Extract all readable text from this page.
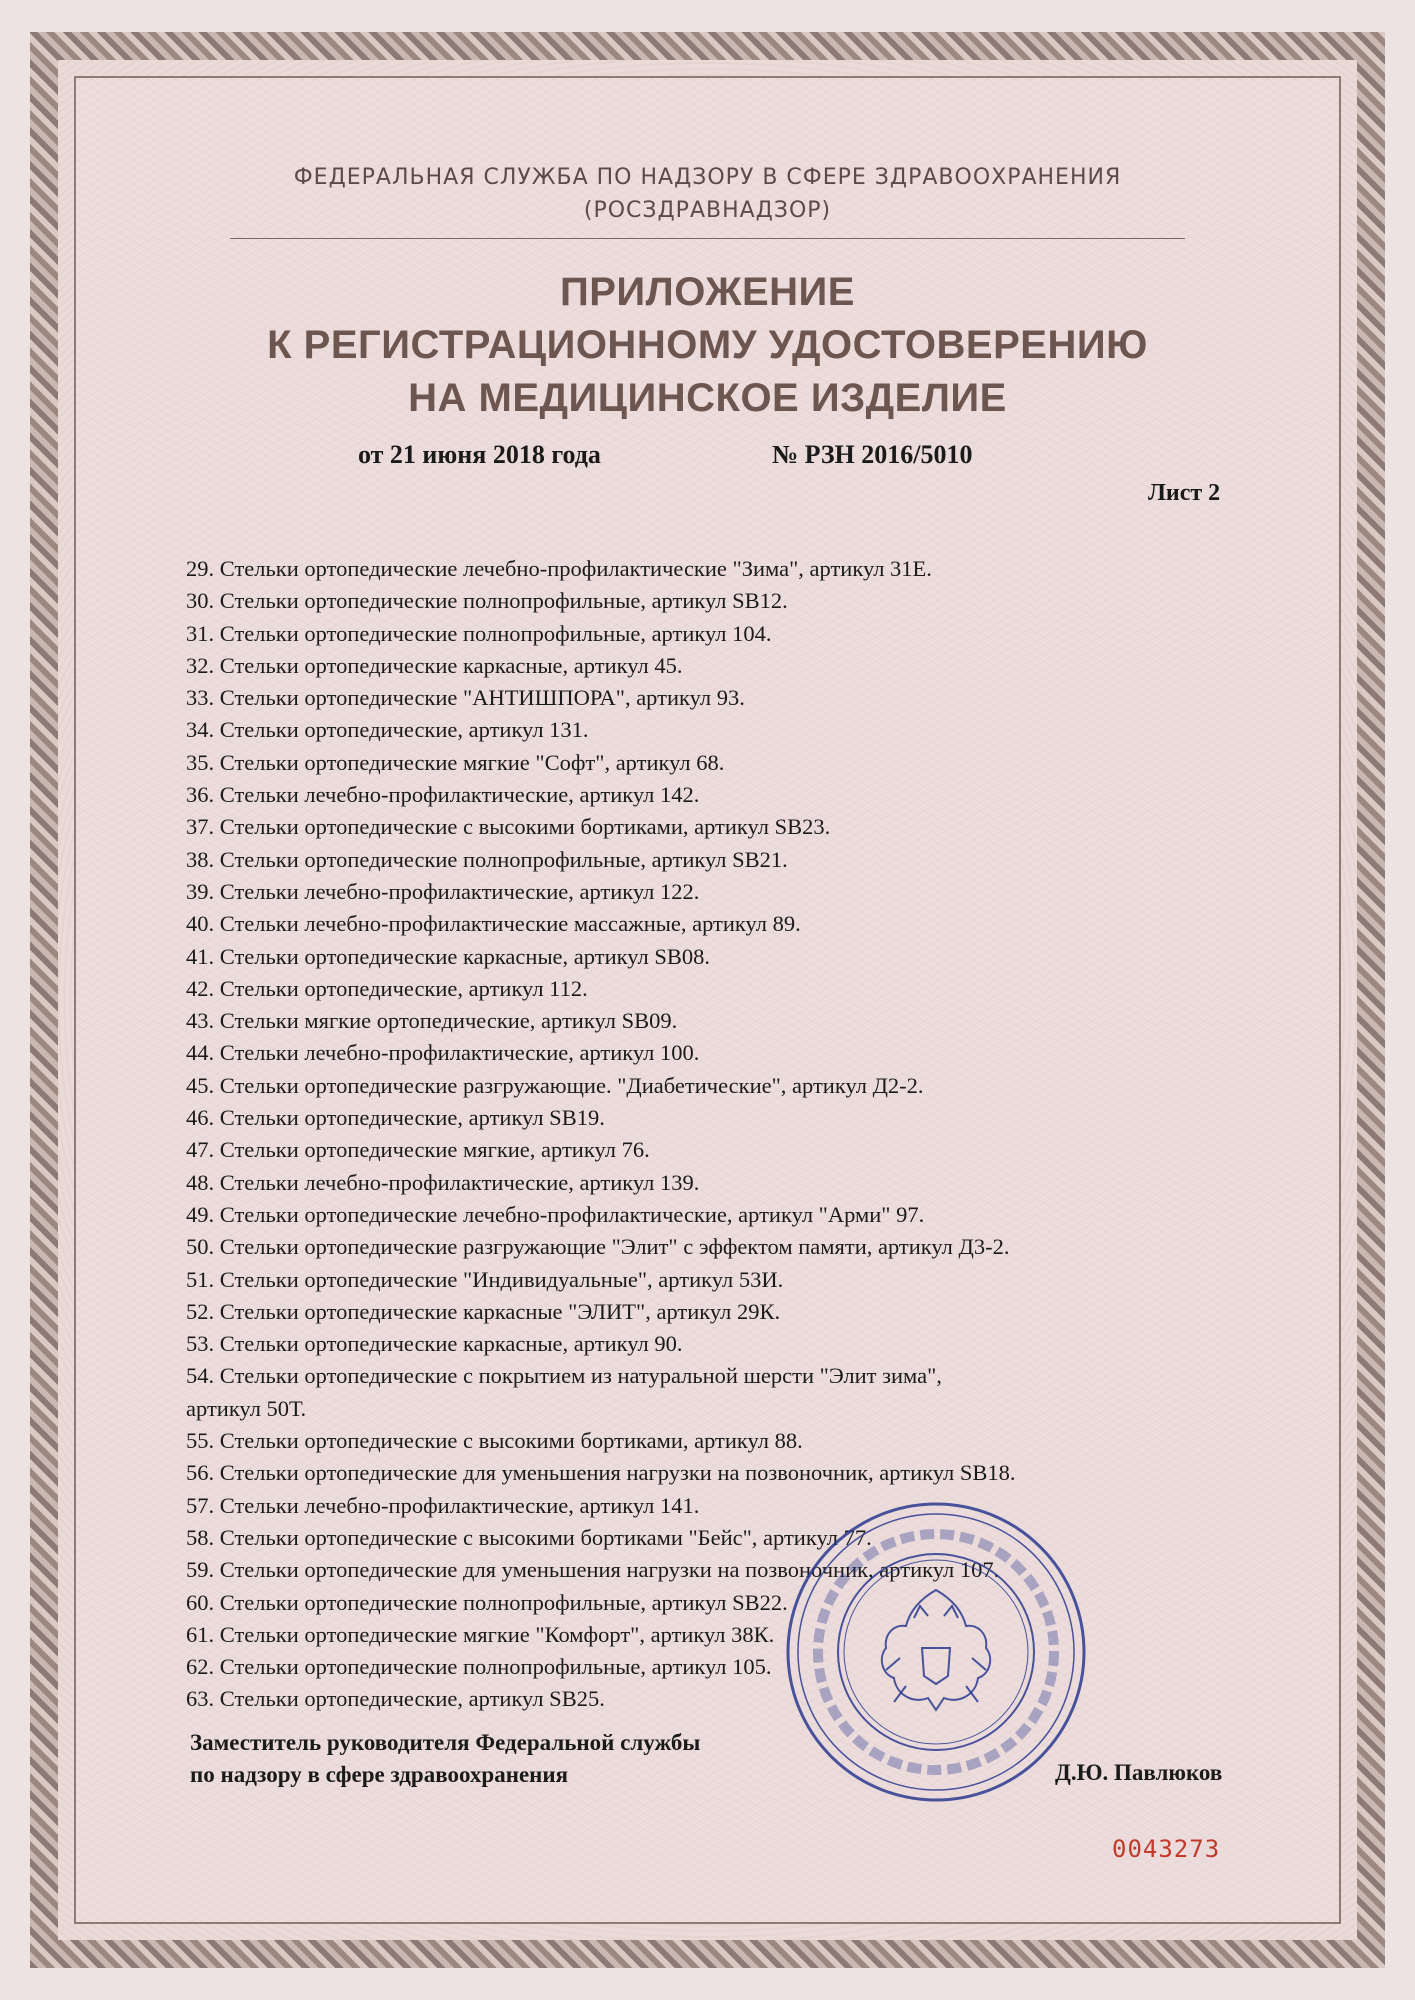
ФЕДЕРАЛЬНАЯ СЛУЖБА ПО НАДЗОРУ В СФЕРЕ ЗДРАВООХРАНЕНИЯ
(РОСЗДРАВНАДЗОР)
ПРИЛОЖЕНИЕ
К РЕГИСТРАЦИОННОМУ УДОСТОВЕРЕНИЮ
НА МЕДИЦИНСКОЕ ИЗДЕЛИЕ
от 21 июня 2018 года	№ РЗН 2016/5010
Лист 2
29. Стельки ортопедические лечебно-профилактические "Зима", артикул 31Е.
30. Стельки ортопедические полнопрофильные, артикул SB12.
31. Стельки ортопедические полнопрофильные, артикул 104.
32. Стельки ортопедические каркасные, артикул 45.
33. Стельки ортопедические "АНТИШПОРА", артикул 93.
34. Стельки ортопедические, артикул 131.
35. Стельки ортопедические мягкие "Софт", артикул 68.
36. Стельки лечебно-профилактические, артикул 142.
37. Стельки ортопедические с высокими бортиками, артикул SB23.
38. Стельки ортопедические полнопрофильные, артикул SB21.
39. Стельки лечебно-профилактические, артикул 122.
40. Стельки лечебно-профилактические массажные, артикул 89.
41. Стельки ортопедические каркасные, артикул SB08.
42. Стельки ортопедические, артикул 112.
43. Стельки мягкие ортопедические, артикул SB09.
44. Стельки лечебно-профилактические, артикул 100.
45. Стельки ортопедические разгружающие. "Диабетические", артикул Д2-2.
46. Стельки ортопедические, артикул SB19.
47. Стельки ортопедические мягкие, артикул 76.
48. Стельки лечебно-профилактические, артикул 139.
49. Стельки ортопедические лечебно-профилактические, артикул "Арми" 97.
50. Стельки ортопедические разгружающие "Элит" с эффектом памяти, артикул Д3-2.
51. Стельки ортопедические "Индивидуальные", артикул 53И.
52. Стельки ортопедические каркасные "ЭЛИТ", артикул 29К.
53. Стельки ортопедические каркасные, артикул 90.
54. Стельки ортопедические с покрытием из натуральной шерсти "Элит зима",
артикул 50Т.
55. Стельки ортопедические с высокими бортиками, артикул 88.
56. Стельки ортопедические для уменьшения нагрузки на позвоночник, артикул SB18.
57. Стельки лечебно-профилактические, артикул 141.
58. Стельки ортопедические с высокими бортиками "Бейс", артикул 77.
59. Стельки ортопедические для уменьшения нагрузки на позвоночник, артикул 107.
60. Стельки ортопедические полнопрофильные, артикул SB22.
61. Стельки ортопедические мягкие "Комфорт", артикул 38К.
62. Стельки ортопедические полнопрофильные, артикул 105.
63. Стельки ортопедические, артикул SB25.
Заместитель руководителя Федеральной службы
по надзору в сфере здравоохранения	Д.Ю. Павлюков
0043273
